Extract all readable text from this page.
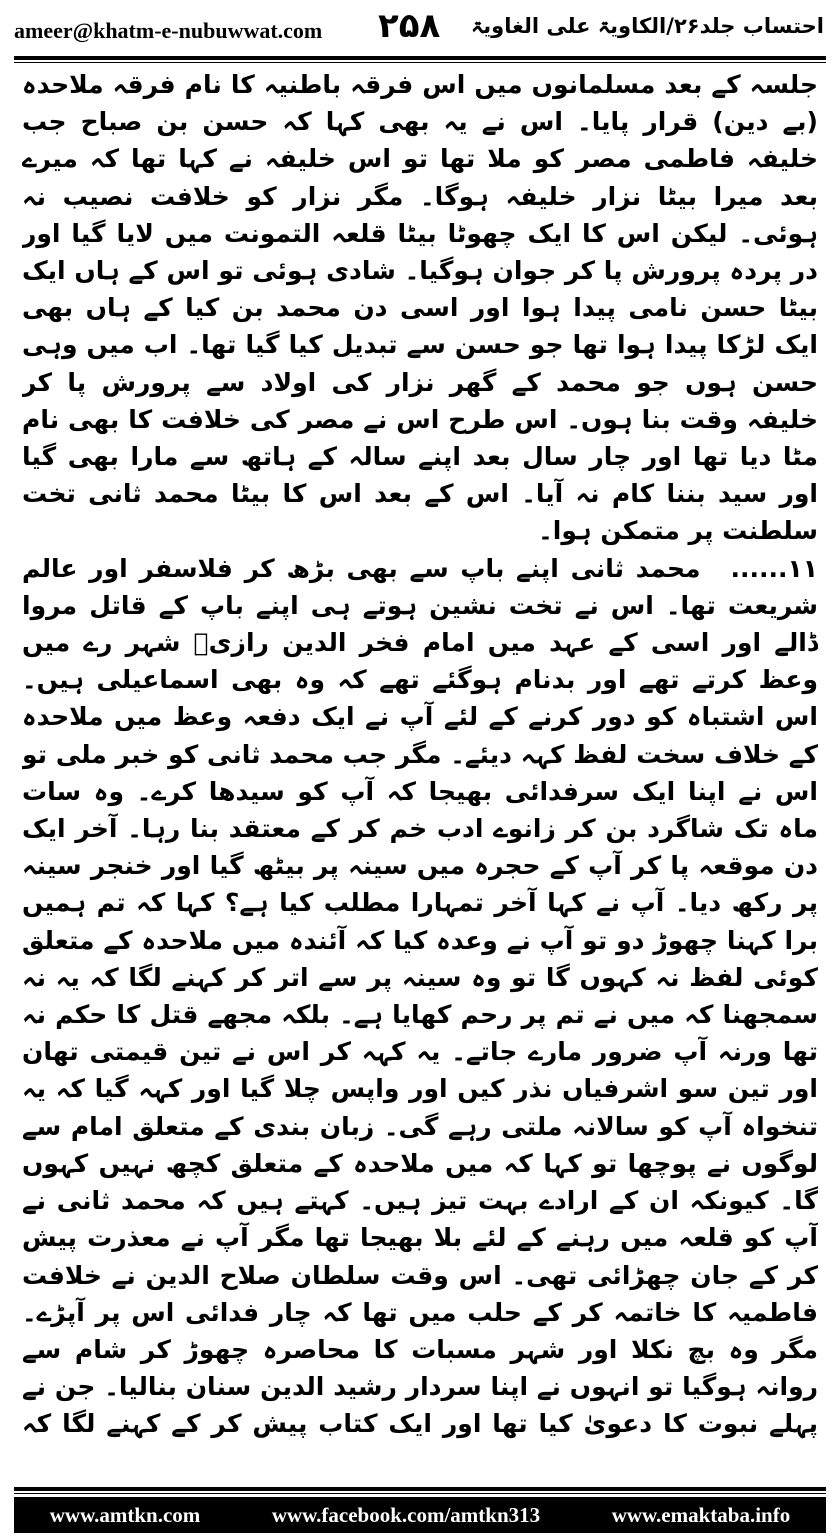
ameer@khatm-e-nubuwwat.com ۲۵۸ احتساب جلد۲۶/الکاویۃ علی الغاویۃ

جلسہ کے بعد مسلمانوں میں اس فرقہ باطنیہ کا نام فرقہ ملاحدہ (بے دین) قرار پایا۔ اس نے یہ بھی کہا کہ حسن بن صباح جب خلیفہ فاطمی مصر کو ملا تھا تو اس خلیفہ نے کہا تھا کہ میرے بعد میرا بیٹا نزار خلیفہ ہوگا۔ مگر نزار کو خلافت نصیب نہ ہوئی۔ لیکن اس کا ایک چھوٹا بیٹا قلعہ التمونت میں لایا گیا اور در پردہ پرورش پا کر جوان ہوگیا۔ شادی ہوئی تو اس کے ہاں ایک بیٹا حسن نامی پیدا ہوا اور اسی دن محمد بن کیا کے ہاں بھی ایک لڑکا پیدا ہوا تھا جو حسن سے تبدیل کیا گیا تھا۔ اب میں وہی حسن ہوں جو محمد کے گھر نزار کی اولاد سے پرورش پا کر خلیفہ وقت بنا ہوں۔ اس طرح اس نے مصر کی خلافت کا بھی نام مٹا دیا تھا اور چار سال بعد اپنے سالہ کے ہاتھ سے مارا بھی گیا اور سید بننا کام نہ آیا۔ اس کے بعد اس کا بیٹا محمد ثانی تخت سلطنت پر متمکن ہوا۔

۱۱......محمد ثانی اپنے باپ سے بھی بڑھ کر فلاسفر اور عالم شریعت تھا۔ اس نے تخت نشین ہوتے ہی اپنے باپ کے قاتل مروا ڈالے اور اسی کے عہد میں امام فخر الدین رازیؒ شہر رے میں وعظ کرتے تھے اور بدنام ہوگئے تھے کہ وہ بھی اسماعیلی ہیں۔ اس اشتباہ کو دور کرنے کے لئے آپ نے ایک دفعہ وعظ میں ملاحدہ کے خلاف سخت لفظ کہہ دیئے۔ مگر جب محمد ثانی کو خبر ملی تو اس نے اپنا ایک سرفدائی بھیجا کہ آپ کو سیدھا کرے۔ وہ سات ماہ تک شاگرد بن کر زانوے ادب خم کر کے معتقد بنا رہا۔ آخر ایک دن موقعہ پا کر آپ کے حجرہ میں سینہ پر بیٹھ گیا اور خنجر سینہ پر رکھ دیا۔ آپ نے کہا آخر تمہارا مطلب کیا ہے؟ کہا کہ تم ہمیں برا کہنا چھوڑ دو تو آپ نے وعدہ کیا کہ آئندہ میں ملاحدہ کے متعلق کوئی لفظ نہ کہوں گا تو وہ سینہ پر سے اتر کر کہنے لگا کہ یہ نہ سمجھنا کہ میں نے تم پر رحم کھایا ہے۔ بلکہ مجھے قتل کا حکم نہ تھا ورنہ آپ ضرور مارے جاتے۔ یہ کہہ کر اس نے تین قیمتی تھان اور تین سو اشرفیاں نذر کیں اور واپس چلا گیا اور کہہ گیا کہ یہ تنخواہ آپ کو سالانہ ملتی رہے گی۔ زبان بندی کے متعلق امام سے لوگوں نے پوچھا تو کہا کہ میں ملاحدہ کے متعلق کچھ نہیں کہوں گا۔ کیونکہ ان کے ارادے بہت تیز ہیں۔ کہتے ہیں کہ محمد ثانی نے آپ کو قلعہ میں رہنے کے لئے بلا بھیجا تھا مگر آپ نے معذرت پیش کر کے جان چھڑائی تھی۔ اس وقت سلطان صلاح الدین نے خلافت فاطمیہ کا خاتمہ کر کے حلب میں تھا کہ چار فدائی اس پر آپڑے۔ مگر وہ بچ نکلا اور شہر مسبات کا محاصرہ چھوڑ کر شام سے روانہ ہوگیا تو انہوں نے اپنا سردار رشید الدین سنان بنالیا۔ جن نے پہلے نبوت کا دعویٰ کیا تھا اور ایک کتاب پیش کر کے کہنے لگا کہ

www.amtkn.com	www.facebook.com/amtkn313	www.emaktaba.info
